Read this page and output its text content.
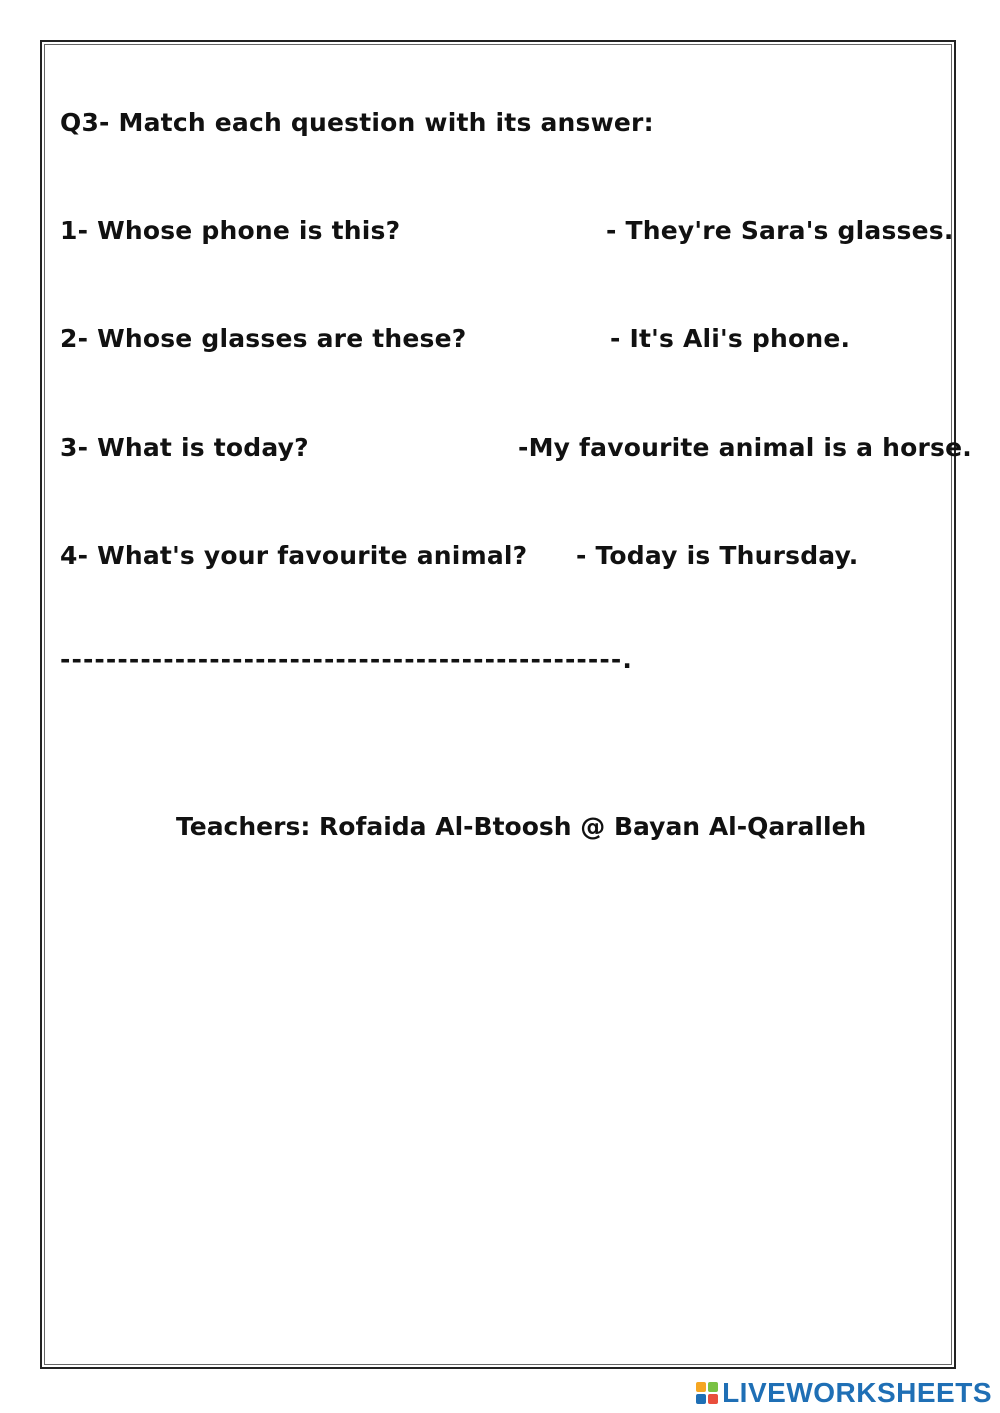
Q3- Match each question with its answer:
1- Whose phone is this?	- They're Sara's glasses.
2- Whose glasses are these?	- It's Ali's phone.
3- What is today?	-My favourite animal is a horse.
4- What's your favourite animal? - Today is Thursday.
-------------------------------------------------.
Teachers: Rofaida Al-Btoosh @ Bayan Al-Qaralleh
LIVEWORKSHEETS
